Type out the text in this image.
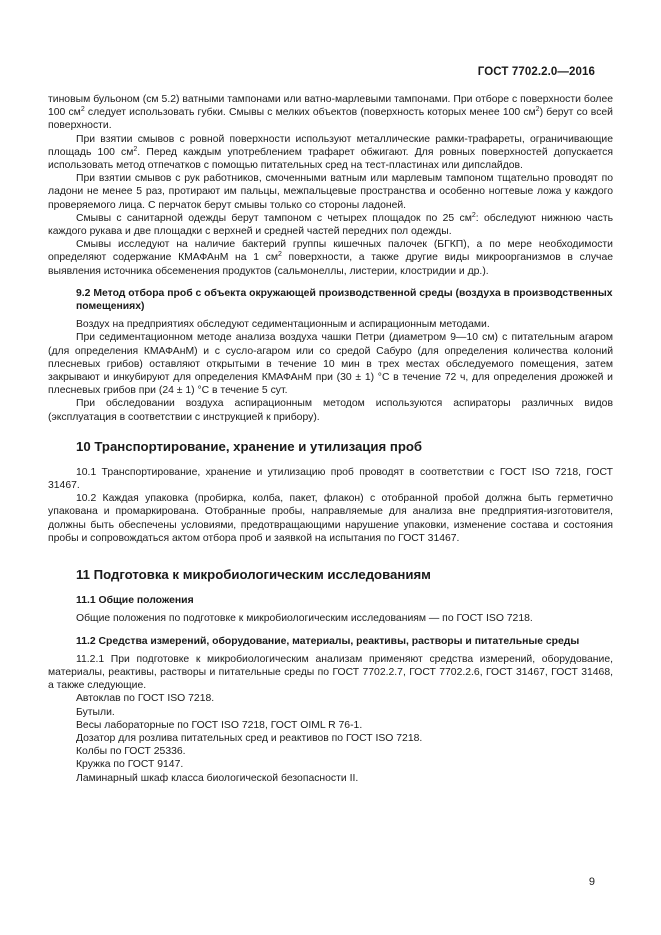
ГОСТ 7702.2.0—2016

тиновым бульоном (см 5.2) ватными тампонами или ватно-марлевыми тампонами. При отборе с поверхности более 100 $см^2$ следует использовать губки. Смывы с мелких объектов (поверхность которых менее 100 $см^2$) берут со всей поверхности.

При взятии смывов с ровной поверхности используют металлические рамки-трафареты, ограничивающие площадь 100 $см^2$. Перед каждым употреблением трафарет обжигают. Для ровных поверхностей допускается использовать метод отпечатков с помощью питательных сред на тест-пластинах или дипслайдов.

При взятии смывов с рук работников, смоченными ватным или марлевым тампоном тщательно проводят по ладони не менее 5 раз, протирают им пальцы, межпальцевые пространства и особенно ногтевые ложа у каждого проверяемого лица. С перчаток берут смывы только со стороны ладоней.

Смывы с санитарной одежды берут тампоном с четырех площадок по 25 $см^2$: обследуют нижнюю часть каждого рукава и две площадки с верхней и средней частей передних пол одежды.

Смывы исследуют на наличие бактерий группы кишечных палочек (БГКП), а по мере необходимости определяют содержание КМАФАнМ на 1 $см^2$ поверхности, а также другие виды микроорганизмов в случае выявления источника обсеменения продуктов (сальмонеллы, листерии, клостридии и др.).

9.2 Метод отбора проб с объекта окружающей производственной среды (воздуха в производственных помещениях)

Воздух на предприятиях обследуют седиментационным и аспирационным методами.

При седиментационном методе анализа воздуха чашки Петри (диаметром 9—10 см) с питательным агаром (для определения КМАФАнМ) и с сусло-агаром или со средой Сабуро (для определения количества колоний плесневых грибов) оставляют открытыми в течение 10 мин в трех местах обследуемого помещения, затем закрывают и инкубируют для определения КМАФАнМ при (30 ± 1) °С в течение 72 ч, для определения дрожжей и плесневых грибов при (24 ± 1) °С в течение 5 сут.

При обследовании воздуха аспирационным методом используются аспираторы различных видов (эксплуатация в соответствии с инструкцией к прибору).

10 Транспортирование, хранение и утилизация проб

10.1 Транспортирование, хранение и утилизацию проб проводят в соответствии с ГОСТ ISO 7218, ГОСТ 31467.

10.2 Каждая упаковка (пробирка, колба, пакет, флакон) с отобранной пробой должна быть герметично упакована и промаркирована. Отобранные пробы, направляемые для анализа вне предприятия-изготовителя, должны быть обеспечены условиями, предотвращающими нарушение упаковки, изменение состава и состояния пробы и сопровождаться актом отбора проб и заявкой на испытания по ГОСТ 31467.

11 Подготовка к микробиологическим исследованиям

11.1 Общие положения

Общие положения по подготовке к микробиологическим исследованиям — по ГОСТ ISO 7218.

11.2 Средства измерений, оборудование, материалы, реактивы, растворы и питательные среды

11.2.1 При подготовке к микробиологическим анализам применяют средства измерений, оборудование, материалы, реактивы, растворы и питательные среды по ГОСТ 7702.2.7, ГОСТ 7702.2.6, ГОСТ 31467, ГОСТ 31468, а также следующие.

Автоклав по ГОСТ ISO 7218.

Бутыли.

Весы лабораторные по ГОСТ ISO 7218, ГОСТ OIML R 76-1.

Дозатор для розлива питательных сред и реактивов по ГОСТ ISO 7218.

Колбы по ГОСТ 25336.

Кружка по ГОСТ 9147.

Ламинарный шкаф класса биологической безопасности II.

9
